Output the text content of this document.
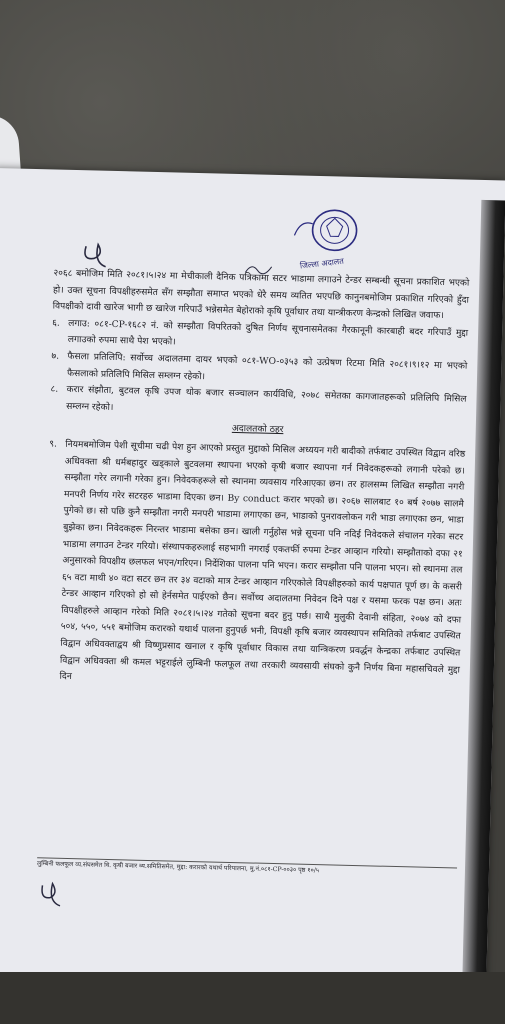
जिल्ला अदालत

२०६८ बमोजिम मिति २०८१।५।२४ मा मेचीकाली दैनिक पत्रिकामा सटर भाडामा लगाउने टेन्डर सम्बन्धी सूचना प्रकाशित भएको हो। उक्त सूचना विपक्षीहरुसमेत सँग सम्झौता समाप्त भएको धेरै समय व्यतित भएपछि कानुनबमोजिम प्रकाशित गरिएको हुँदा विपक्षीको दावी खारेज भागी छ खारेज गरिपाउँ भन्नेसमेत बेहोराको कृषि पूर्वाधार तथा यान्त्रीकरण केन्द्रको लिखित जवाफ।

६. लगाउ: ०८१-CP-१६८२ नं. को सम्झौता विपरितको दुषित निर्णय सूचनासमेतका गैरकानूनी कारबाही बदर गरिपाउँ मुद्दा लगाउको रुपमा साथै पेश भएको।
७. फैसला प्रतिलिपि: सर्वोच्च अदालतमा दायर भएको ०८१-WO-०३५३ को उत्प्रेषण रिटमा मिति २०८१।९।१२ मा भएको फैसलाको प्रतिलिपि मिसिल सम्लग्न रहेको।
८. करार संझौता, बुटवल कृषि उपज थोक बजार सञ्चालन कार्यविधि, २०७८ समेतका कागजातहरूको प्रतिलिपि मिसिल सम्लग्न रहेको।
अदालतको ठहर
९. नियमबमोजिम पेशी सूचीमा चढी पेश हुन आएको प्रस्तुत मुद्दाको मिसिल अध्ययन गरी बादीको तर्फबाट उपस्थित विद्वान वरिष्ठ अधिवक्ता श्री धर्मबहादुर खड्काले बुटवलमा स्थापना भएको कृषी बजार स्थापना गर्न निवेदकहरूको लगानी परेको छ। सम्झौता गरेर लगानी गरेका हुन। निवेदकहरूले सो स्थानमा व्यवसाय गरिआएका छन। तर हालसम्म लिखित सम्झौता नगरी मनपरी निर्णय गरेर सटरहरु भाडामा दिएका छन। By conduct करार भएको छ। २०६७ सालबाट १० बर्ष २०७७ सालमै पुगेको छ। सो पछि कुनै सम्झौता नगरी मनपरी भाडामा लगाएका छन, भाडाको पुनरावलोकन गरी भाडा लगाएका छन, भाडा बुझेका छन। निवेदकहरू निरन्तर भाडामा बसेका छन। खाली गर्नुहोस भन्ने सूचना पनि नदिई निवेदकले संचालन गरेका सटर भाडामा लगाउन टेन्डर गरियो। संस्थापकहरुलाई सहभागी नगराई एकतर्फी रुपमा टेन्डर आव्हान गरियो। सम्झौताको दफा २१ अनुसारको विपक्षीय छलफल भएन/गरिएन। निर्देशिका पालना पनि भएन। करार सम्झौता पनि पालना भएन। सो स्थानमा तल ६५ वटा माथी ४० वटा सटर छन तर ३४ वटाको मात्र टेन्डर आव्हान गरिएकोले विपक्षीहरुको कार्य पक्षपात पूर्ण छ। के कसरी टेन्डर आव्हान गरिएको हो सो हेर्नसमेत पाईएको छैन। सर्वोच्च अदालतमा निवेदन दिने पक्ष र यसमा फरक पक्ष छन। अतः विपक्षीहरुले आव्हान गरेको मिति २०८१।५।२४ गतेको सूचना बदर हुनु पर्छ। साथै मुलुकी देवानी संहिता, २०७४ को दफा ५०४, ५५०, ५५१ बमोजिम करारको यथार्थ पालना हुनुपर्छ भनी, विपक्षी कृषि बजार व्यवस्थापन समितिको तर्फबाट उपस्थित विद्वान अधिवक्ताद्वय श्री विष्णुप्रसाद खनाल र कृषि पूर्वाधार विकास तथा यान्त्रिकरण प्रवर्द्धन केन्द्रका तर्फबाट उपस्थित विद्वान अधिवक्ता श्री कमल भट्टराईले लुम्बिनी फलफूल तथा तरकारी व्यवसायी संघको कुनै निर्णय बिना महासचिवले मुद्दा दिन
लुम्बिनी फलफूल व्य.संघसमेत वि. कृषी बजार व्य.समितिसमेत, मुद्दा: करारको यथार्थ परिपालना, मु.नं.०८१-CP-००३० पृष्ठ १०/५
